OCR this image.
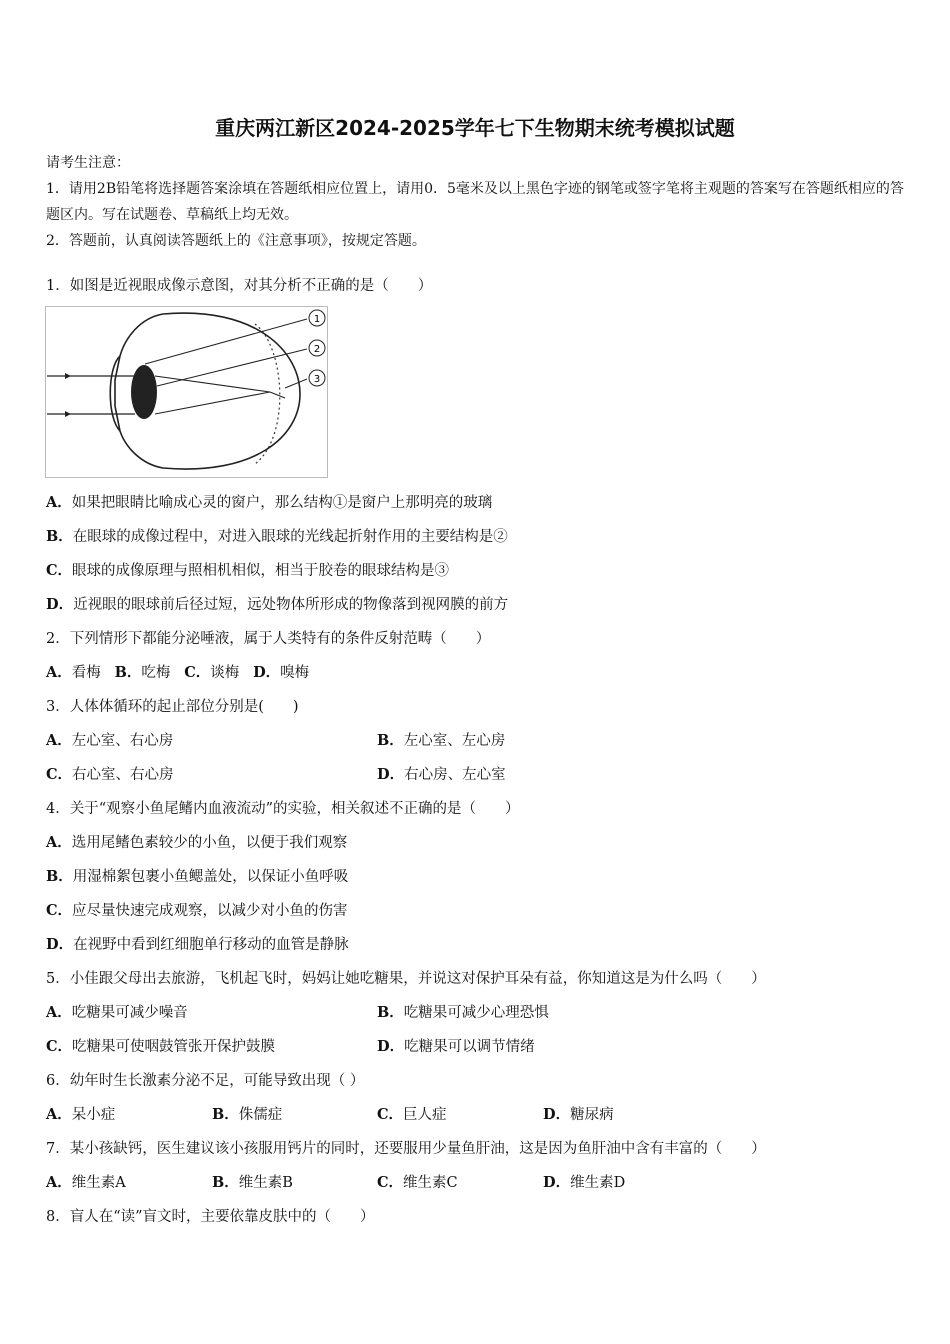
重庆两江新区2024-2025学年七下生物期末统考模拟试题
请考生注意：
1．请用2B铅笔将选择题答案涂填在答题纸相应位置上，请用0．5毫米及以上黑色字迹的钢笔或签字笔将主观题的答案写在答题纸相应的答题区内。写在试题卷、草稿纸上均无效。
2．答题前，认真阅读答题纸上的《注意事项》，按规定答题。
1．如图是近视眼成像示意图，对其分析不正确的是（　　）
1
2
3
A．如果把眼睛比喻成心灵的窗户，那么结构①是窗户上那明亮的玻璃
B．在眼球的成像过程中，对进入眼球的光线起折射作用的主要结构是②
C．眼球的成像原理与照相机相似，相当于胶卷的眼球结构是③
D．近视眼的眼球前后径过短，远处物体所形成的物像落到视网膜的前方
2．下列情形下都能分泌唾液，属于人类特有的条件反射范畴（　　）
A．看梅 B．吃梅 C．谈梅 D．嗅梅
3．人体体循环的起止部位分别是(　　)
A．左心室、右心房	B．左心室、左心房
C．右心室、右心房	D．右心房、左心室
4．关于“观察小鱼尾鳍内血液流动”的实验，相关叙述不正确的是（　　）
A．选用尾鳍色素较少的小鱼，以便于我们观察
B．用湿棉絮包裹小鱼鳃盖处，以保证小鱼呼吸
C．应尽量快速完成观察，以减少对小鱼的伤害
D．在视野中看到红细胞单行移动的血管是静脉
5．小佳跟父母出去旅游，飞机起飞时，妈妈让她吃糖果，并说这对保护耳朵有益，你知道这是为什么吗（　　）
A．吃糖果可减少噪音	B．吃糖果可减少心理恐惧
C．吃糖果可使咽鼓管张开保护鼓膜	D．吃糖果可以调节情绪
6．幼年时生长激素分泌不足，可能导致出现（ ）
A．呆小症	B．侏儒症	C．巨人症	D．糖尿病
7．某小孩缺钙，医生建议该小孩服用钙片的同时，还要服用少量鱼肝油，这是因为鱼肝油中含有丰富的（　　）
A．维生素A	B．维生素B	C．维生素C	D．维生素D
8．盲人在“读”盲文时，主要依靠皮肤中的（　　）
